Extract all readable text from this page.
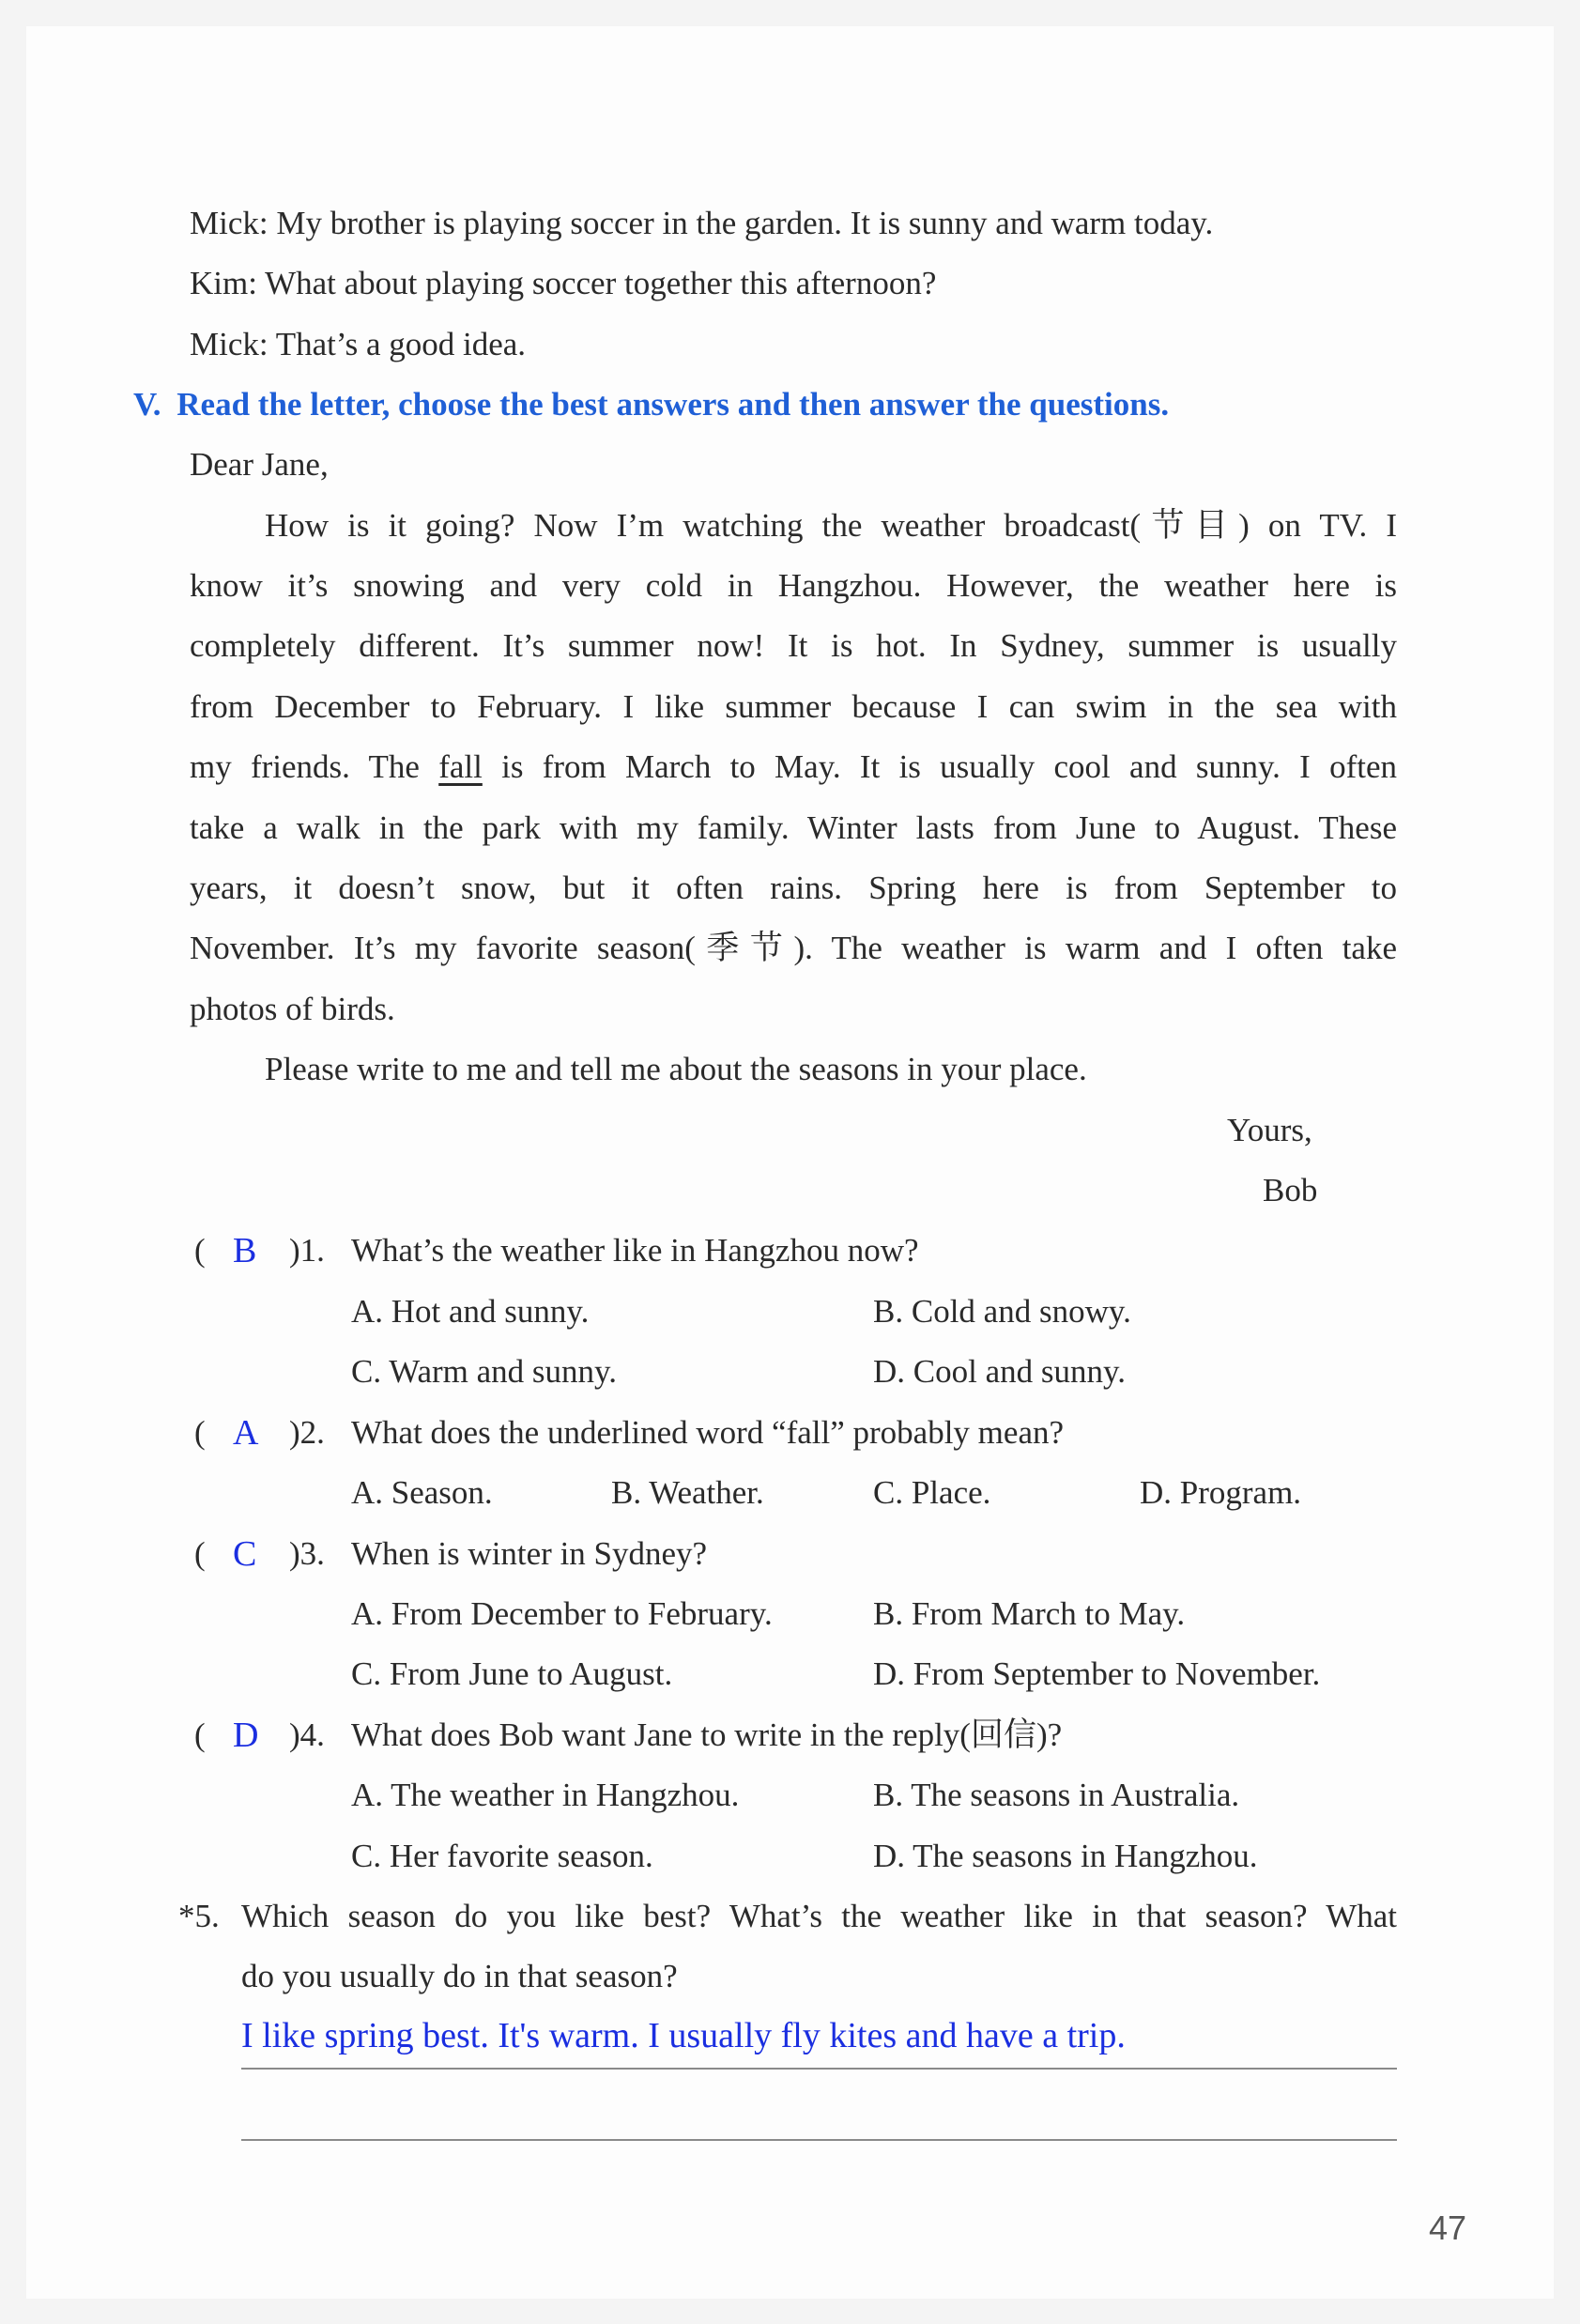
Mick: My brother is playing soccer in the garden. It is sunny and warm today.
Kim: What about playing soccer together this afternoon?
Mick: That’s a good idea.
V. Read the letter, choose the best answers and then answer the questions.
Dear Jane,
How is it going? Now I’m watching the weather broadcast(节目) on TV. I
know it’s snowing and very cold in Hangzhou. However, the weather here is
completely different. It’s summer now! It is hot. In Sydney, summer is usually
from December to February. I like summer because I can swim in the sea with
my friends. The fall is from March to May. It is usually cool and sunny. I often
take a walk in the park with my family. Winter lasts from June to August. These
years, it doesn’t snow, but it often rains. Spring here is from September to
November. It’s my favorite season(季节). The weather is warm and I often take
photos of birds.
Please write to me and tell me about the seasons in your place.
Yours,
Bob
( B )1. What’s the weather like in Hangzhou now?
A. Hot and sunny.	B. Cold and snowy.
C. Warm and sunny.	D. Cool and sunny.
( A )2. What does the underlined word “fall” probably mean?
A. Season.	B. Weather.	C. Place.	D. Program.
( C )3. When is winter in Sydney?
A. From December to February.	B. From March to May.
C. From June to August.	D. From September to November.
( D )4. What does Bob want Jane to write in the reply(回信)?
A. The weather in Hangzhou.	B. The seasons in Australia.
C. Her favorite season.	D. The seasons in Hangzhou.
*5. Which season do you like best? What’s the weather like in that season? What
do you usually do in that season?
I like spring best. It's warm. I usually fly kites and have a trip.
47
